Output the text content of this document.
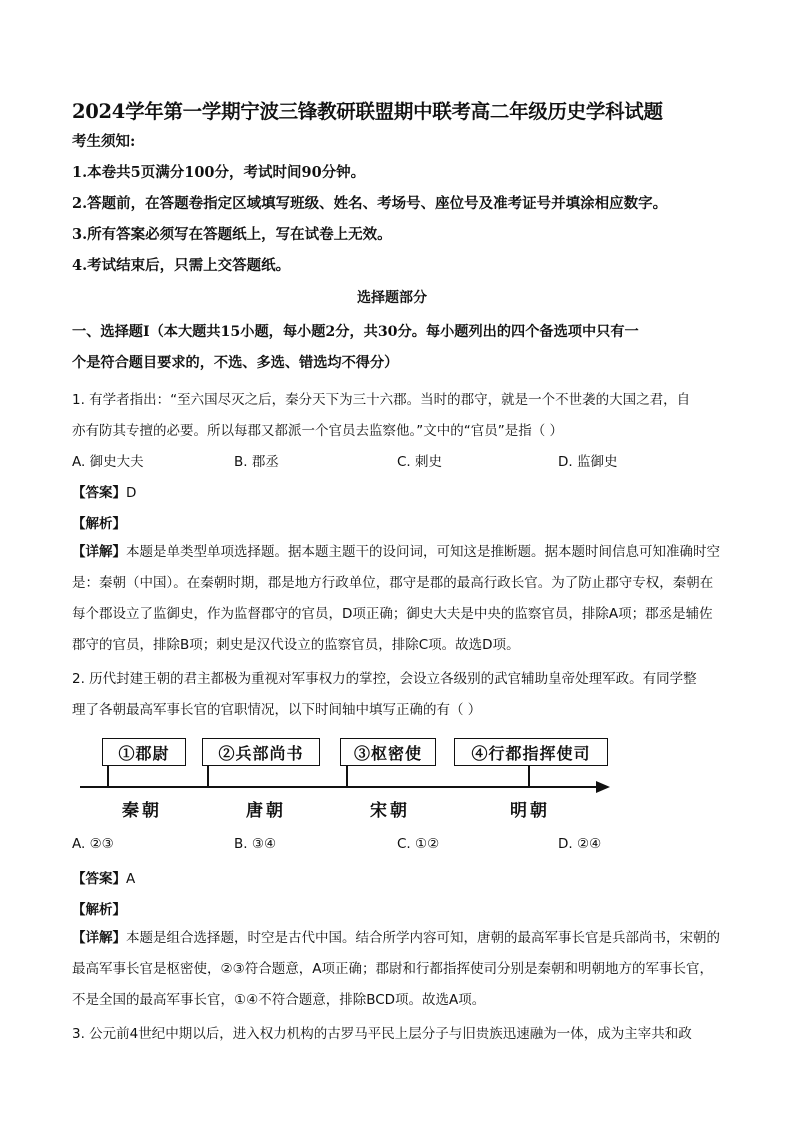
2024学年第一学期宁波三锋教研联盟期中联考高二年级历史学科试题
考生须知:
1.本卷共5页满分100分，考试时间90分钟。
2.答题前，在答题卷指定区域填写班级、姓名、考场号、座位号及准考证号并填涂相应数字。
3.所有答案必须写在答题纸上，写在试卷上无效。
4.考试结束后，只需上交答题纸。
选择题部分
一、选择题Ⅰ（本大题共15小题，每小题2分，共30分。每小题列出的四个备选项中只有一
个是符合题目要求的，不选、多选、错选均不得分）
1. 有学者指出：“至六国尽灭之后，秦分天下为三十六郡。当时的郡守，就是一个不世袭的大国之君，自
亦有防其专擅的必要。所以每郡又都派一个官员去监察他。”文中的“官员”是指（ ）
A. 御史大夫	B. 郡丞	C. 刺史	D. 监御史
【答案】D
【解析】
【详解】本题是单类型单项选择题。据本题主题干的设问词，可知这是推断题。据本题时间信息可知准确时空是：秦朝（中国）。在秦朝时期，郡是地方行政单位，郡守是郡的最高行政长官。为了防止郡守专权，秦朝在每个郡设立了监御史，作为监督郡守的官员，D项正确；御史大夫是中央的监察官员，排除A项；郡丞是辅佐郡守的官员，排除B项；刺史是汉代设立的监察官员，排除C项。故选D项。
2. 历代封建王朝的君主都极为重视对军事权力的掌控，会设立各级别的武官辅助皇帝处理军政。有同学整
理了各朝最高军事长官的官职情况，以下时间轴中填写正确的有（ ）
①郡尉	②兵部尚书	③枢密使	④行都指挥使司
秦朝	唐朝	宋朝	明朝
A. ②③	B. ③④	C. ①②	D. ②④
【答案】A
【解析】
【详解】本题是组合选择题，时空是古代中国。结合所学内容可知，唐朝的最高军事长官是兵部尚书，宋朝的最高军事长官是枢密使，②③符合题意，A项正确；郡尉和行都指挥使司分别是秦朝和明朝地方的军事长官，不是全国的最高军事长官，①④不符合题意，排除BCD项。故选A项。
3. 公元前4世纪中期以后，进入权力机构的古罗马平民上层分子与旧贵族迅速融为一体，成为主宰共和政
